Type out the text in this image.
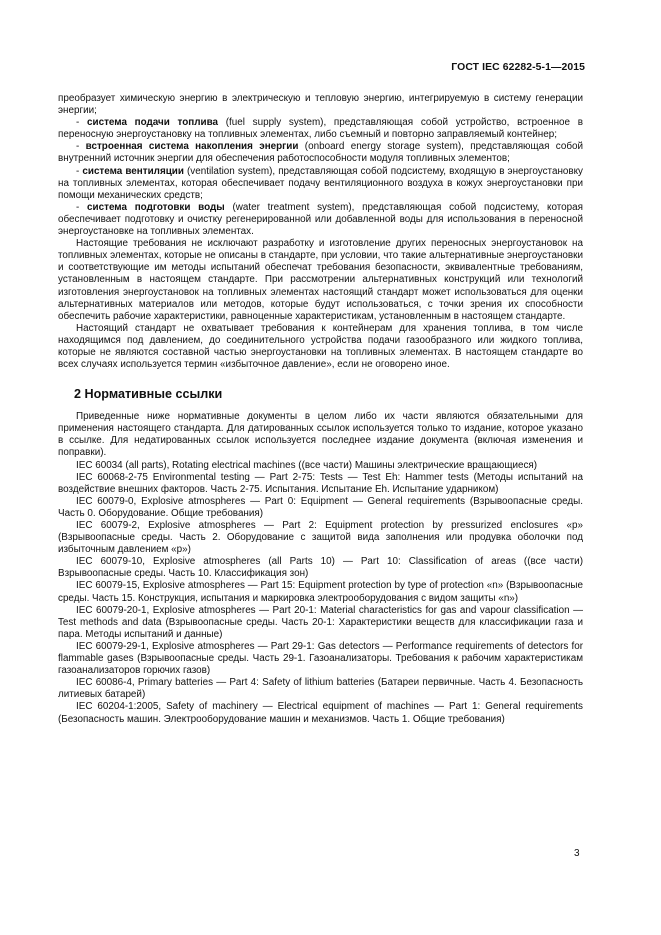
ГОСТ IEC 62282-5-1—2015

преобразует химическую энергию в электрическую и тепловую энергию, интегрируемую в систему генерации энергии;

- система подачи топлива (fuel supply system), представляющая собой устройство, встроенное в переносную энергоустановку на топливных элементах, либо съемный и повторно заправляемый контейнер;

- встроенная система накопления энергии (onboard energy storage system), представляющая собой внутренний источник энергии для обеспечения работоспособности модуля топливных элементов;

- система вентиляции (ventilation system), представляющая собой подсистему, входящую в энергоустановку на топливных элементах, которая обеспечивает подачу вентиляционного воздуха в кожух энергоустановки при помощи механических средств;

- система подготовки воды (water treatment system), представляющая собой подсистему, которая обеспечивает подготовку и очистку регенерированной или добавленной воды для использования в переносной энергоустановке на топливных элементах.

Настоящие требования не исключают разработку и изготовление других переносных энергоустановок на топливных элементах, которые не описаны в стандарте, при условии, что такие альтернативные энергоустановки и соответствующие им методы испытаний обеспечат требования безопасности, эквивалентные требованиям, установленным в настоящем стандарте. При рассмотрении альтернативных конструкций или технологий изготовления энергоустановок на топливных элементах настоящий стандарт может использоваться для оценки альтернативных материалов или методов, которые будут использоваться, с точки зрения их способности обеспечить рабочие характеристики, равноценные характеристикам, установленным в настоящем стандарте.

Настоящий стандарт не охватывает требования к контейнерам для хранения топлива, в том числе находящимся под давлением, до соединительного устройства подачи газообразного или жидкого топлива, которые не являются составной частью энергоустановки на топливных элементах. В настоящем стандарте во всех случаях используется термин «избыточное давление», если не оговорено иное.

2 Нормативные ссылки

Приведенные ниже нормативные документы в целом либо их части являются обязательными для применения настоящего стандарта. Для датированных ссылок используется только то издание, которое указано в ссылке. Для недатированных ссылок используется последнее издание документа (включая изменения и поправки).

IEC 60034 (all parts), Rotating electrical machines ((все части) Машины электрические вращающиеся)

IEC 60068-2-75 Environmental testing — Part 2-75: Tests — Test Eh: Hammer tests (Методы испытаний на воздействие внешних факторов. Часть 2-75. Испытания. Испытание Eh. Испытание ударником)

IEC 60079-0, Explosive atmospheres — Part 0: Equipment — General requirements (Взрывоопасные среды. Часть 0. Оборудование. Общие требования)

IEC 60079-2, Explosive atmospheres — Part 2: Equipment protection by pressurized enclosures «р» (Взрывоопасные среды. Часть 2. Оборудование с защитой вида заполнения или продувка оболочки под избыточным давлением «р»)

IEC 60079-10, Explosive atmospheres (all Parts 10) — Part 10: Classification of areas ((все части) Взрывоопасные среды. Часть 10. Классификация зон)

IEC 60079-15, Explosive atmospheres — Part 15: Equipment protection by type of protection «n» (Взрывоопасные среды. Часть 15. Конструкция, испытания и маркировка электрооборудования с видом защиты «n»)

IEC 60079-20-1, Explosive atmospheres — Part 20-1: Material characteristics for gas and vapour classification — Test methods and data (Взрывоопасные среды. Часть 20-1: Характеристики веществ для классификации газа и пара. Методы испытаний и данные)

IEC 60079-29-1, Explosive atmospheres — Part 29-1: Gas detectors — Performance requirements of detectors for flammable gases (Взрывоопасные среды. Часть 29-1. Газоанализаторы. Требования к рабочим характеристикам газоанализаторов горючих газов)

IEC 60086-4, Primary batteries — Part 4: Safety of lithium batteries (Батареи первичные. Часть 4. Безопасность литиевых батарей)

IEC 60204-1:2005, Safety of machinery — Electrical equipment of machines — Part 1: General requirements (Безопасность машин. Электрооборудование машин и механизмов. Часть 1. Общие требования)

3
